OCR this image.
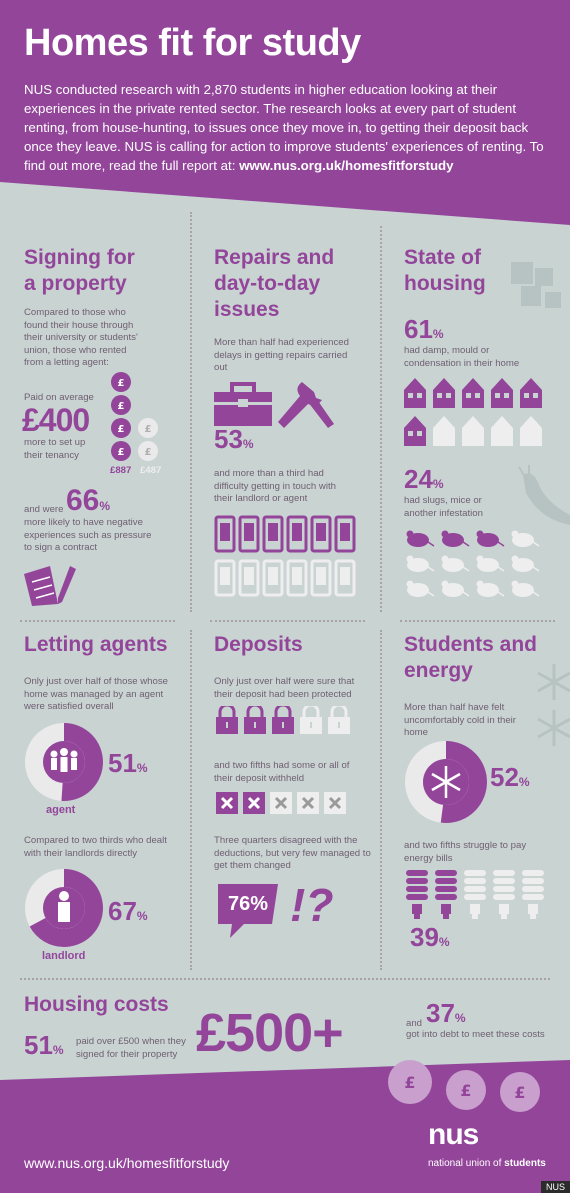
Homes fit for study
NUS conducted research with 2,870 students in higher education looking at their experiences in the private rented sector. The research looks at every part of student renting, from house-hunting, to issues once they move in, to getting their deposit back once they leave. NUS is calling for action to improve students' experiences of renting. To find out more, read the full report at: www.nus.org.uk/homesfitforstudy
Signing for
a property
Compared to those who found their house through their university or students' union, those who rented from a letting agent:
Paid on average
£400
more to set up their tenancy
£
£
£
£
£
£
£887 £487
and were 66%
more likely to have negative experiences such as pressure to sign a contract
Repairs and
day-to-day
issues
More than half had experienced delays in getting repairs carried out
53%
and more than a third had difficulty getting in touch with their landlord or agent
State of
housing
61%
had damp, mould or condensation in their home
24%
had slugs, mice or another infestation
Letting agents
Only just over half of those whose home was managed by an agent were satisfied overall
51%
agent
Compared to two thirds who dealt with their landlords directly
67%
landlord
Deposits
Only just over half were sure that their deposit had been protected
and two fifths had some or all of their deposit withheld
Three quarters disagreed with the deductions, but very few managed to get them changed
76% !?
Students and
energy
More than half have felt uncomfortably cold in their home
52%
and two fifths struggle to pay energy bills
39%
Housing costs
51%
paid over £500 when they signed for their property £500+	and 37%
got into debt to meet these costs
£	£	£
www.nus.org.uk/homesfitforstudy
nus
national union of students
NUS
